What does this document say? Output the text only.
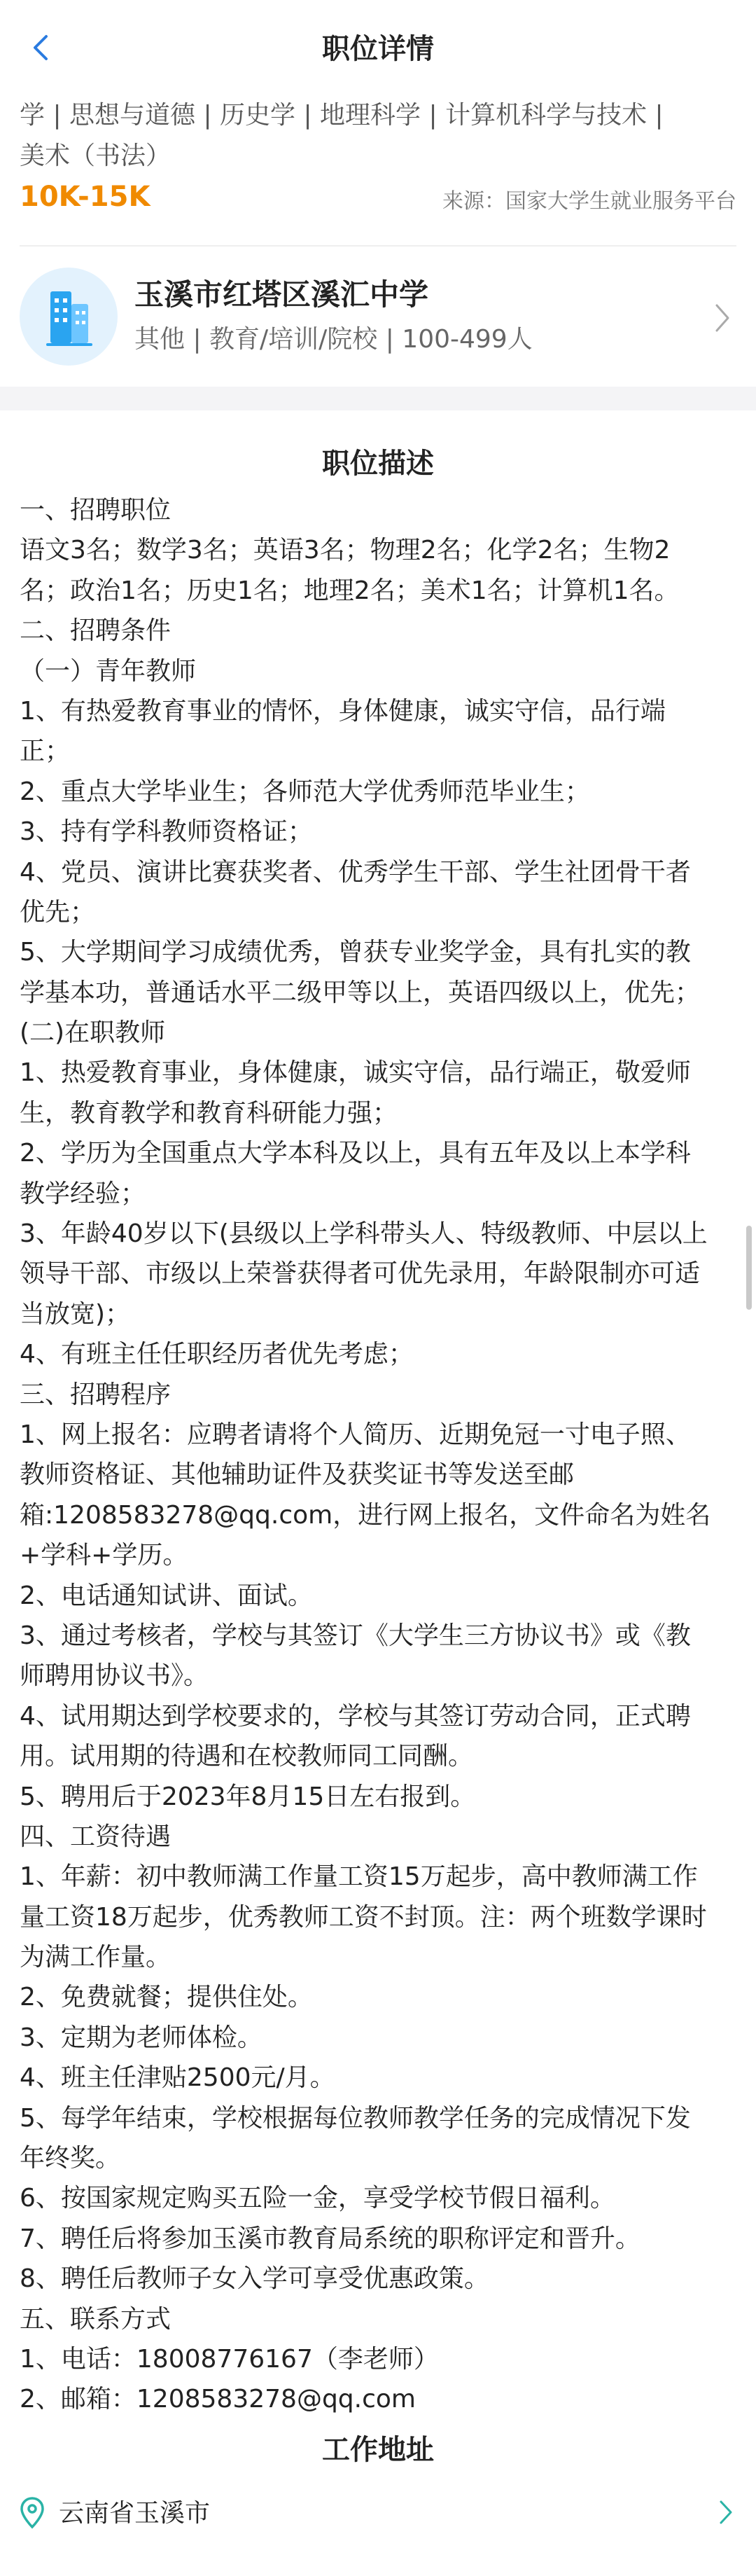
职位详情
学 | 思想与道德 | 历史学 | 地理科学 | 计算机科学与技术 |
美术（书法）
10K-15K	来源：国家大学生就业服务平台
玉溪市红塔区溪汇中学
其他 | 教育/培训/院校 | 100-499人
职位描述
一、招聘职位
语文3名；数学3名；英语3名；物理2名；化学2名；生物2
名；政治1名；历史1名；地理2名；美术1名；计算机1名。
二、招聘条件
（一）青年教师
1、有热爱教育事业的情怀，身体健康，诚实守信，品行端
正；
2、重点大学毕业生；各师范大学优秀师范毕业生；
3、持有学科教师资格证；
4、党员、演讲比赛获奖者、优秀学生干部、学生社团骨干者
优先；
5、大学期间学习成绩优秀，曾获专业奖学金，具有扎实的教
学基本功，普通话水平二级甲等以上，英语四级以上，优先；
(二)在职教师
1、热爱教育事业，身体健康，诚实守信，品行端正，敬爱师
生，教育教学和教育科研能力强；
2、学历为全国重点大学本科及以上，具有五年及以上本学科
教学经验；
3、年龄40岁以下(县级以上学科带头人、特级教师、中层以上
领导干部、市级以上荣誉获得者可优先录用，年龄限制亦可适
当放宽)；
4、有班主任任职经历者优先考虑；
三、招聘程序
1、网上报名：应聘者请将个人简历、近期免冠一寸电子照、
教师资格证、其他辅助证件及获奖证书等发送至邮
箱:1208583278@qq.com，进行网上报名，文件命名为姓名
+学科+学历。
2、电话通知试讲、面试。
3、通过考核者，学校与其签订《大学生三方协议书》或《教
师聘用协议书》。
4、试用期达到学校要求的，学校与其签订劳动合同，正式聘
用。试用期的待遇和在校教师同工同酬。
5、聘用后于2023年8月15日左右报到。
四、工资待遇
1、年薪：初中教师满工作量工资15万起步，高中教师满工作
量工资18万起步，优秀教师工资不封顶。注：两个班数学课时
为满工作量。
2、免费就餐；提供住处。
3、定期为老师体检。
4、班主任津贴2500元/月。
5、每学年结束，学校根据每位教师教学任务的完成情况下发
年终奖。
6、按国家规定购买五险一金，享受学校节假日福利。
7、聘任后将参加玉溪市教育局系统的职称评定和晋升。
8、聘任后教师子女入学可享受优惠政策。
五、联系方式
1、电话：18008776167（李老师）
2、邮箱：1208583278@qq.com
工作地址
云南省玉溪市
